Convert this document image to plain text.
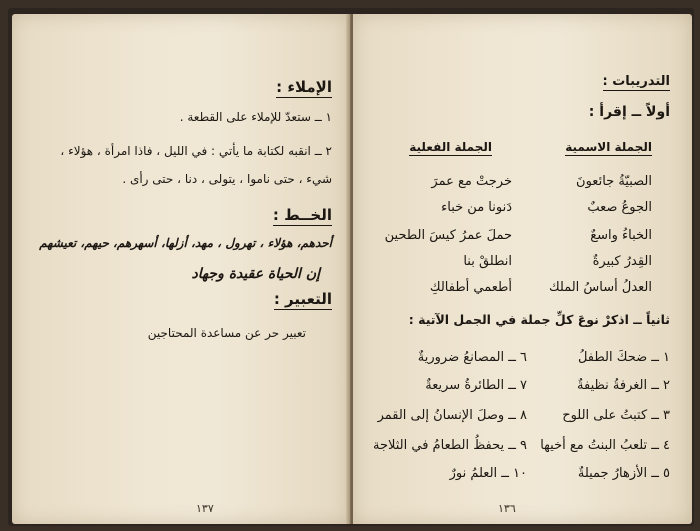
الإملاء :
١ ــ ستعدّ للإملاء على القطعة .
٢ ــ انقبه لكتابة ما يأتي : في الليل ، فاذا امرأة ، هؤلاء ،
شيء ، حتى ناموا ، يتولى ، دنا ، حتى رأى .
الخــط :
أحدهم، هؤلاء ، تهرول ، مهد، أزلها، أسهرهم، حيهم، تعيشهم
إن الحياة عقيدة وجهاد
التعبير :
تعبير حر عن مساعدة المحتاجين
١٣٧
التدريبات :
أولاً ــ إقرأ :
الجملة الاسمية
الجملة الفعلية
الصبيّةُ جائعونَ
خرجتْ مع عمرَ
الجوعُ صعبٌ
دَنونا من خباء
الخباءُ واسعٌ
حملَ عمرُ كيسَ الطحين
القِدرُ كبيرةٌ
انطلقْ بنا
العدلُ أساسُ الملك
أطعمي أطفالكِ
ثانياً ــ اذكرْ نوعَ كلِّ جملة في الجمل الآتية :
١ ــ ضحكَ الطفلُ
٦ ــ المصانعُ ضروريةٌ
٢ ــ الغرفةُ نظيفةٌ
٧ ــ الطائرةُ سريعةٌ
٣ ــ كتبتُ على اللوح
٨ ــ وصلَ الإنسانُ إلى القمر
٤ ــ تلعبُ البنتُ مع أخيها
٩ ــ يحفظُ الطعامُ في الثلاجة
٥ ــ الأزهارُ جميلةٌ
١٠ ــ العلمُ نورٌ
١٣٦
